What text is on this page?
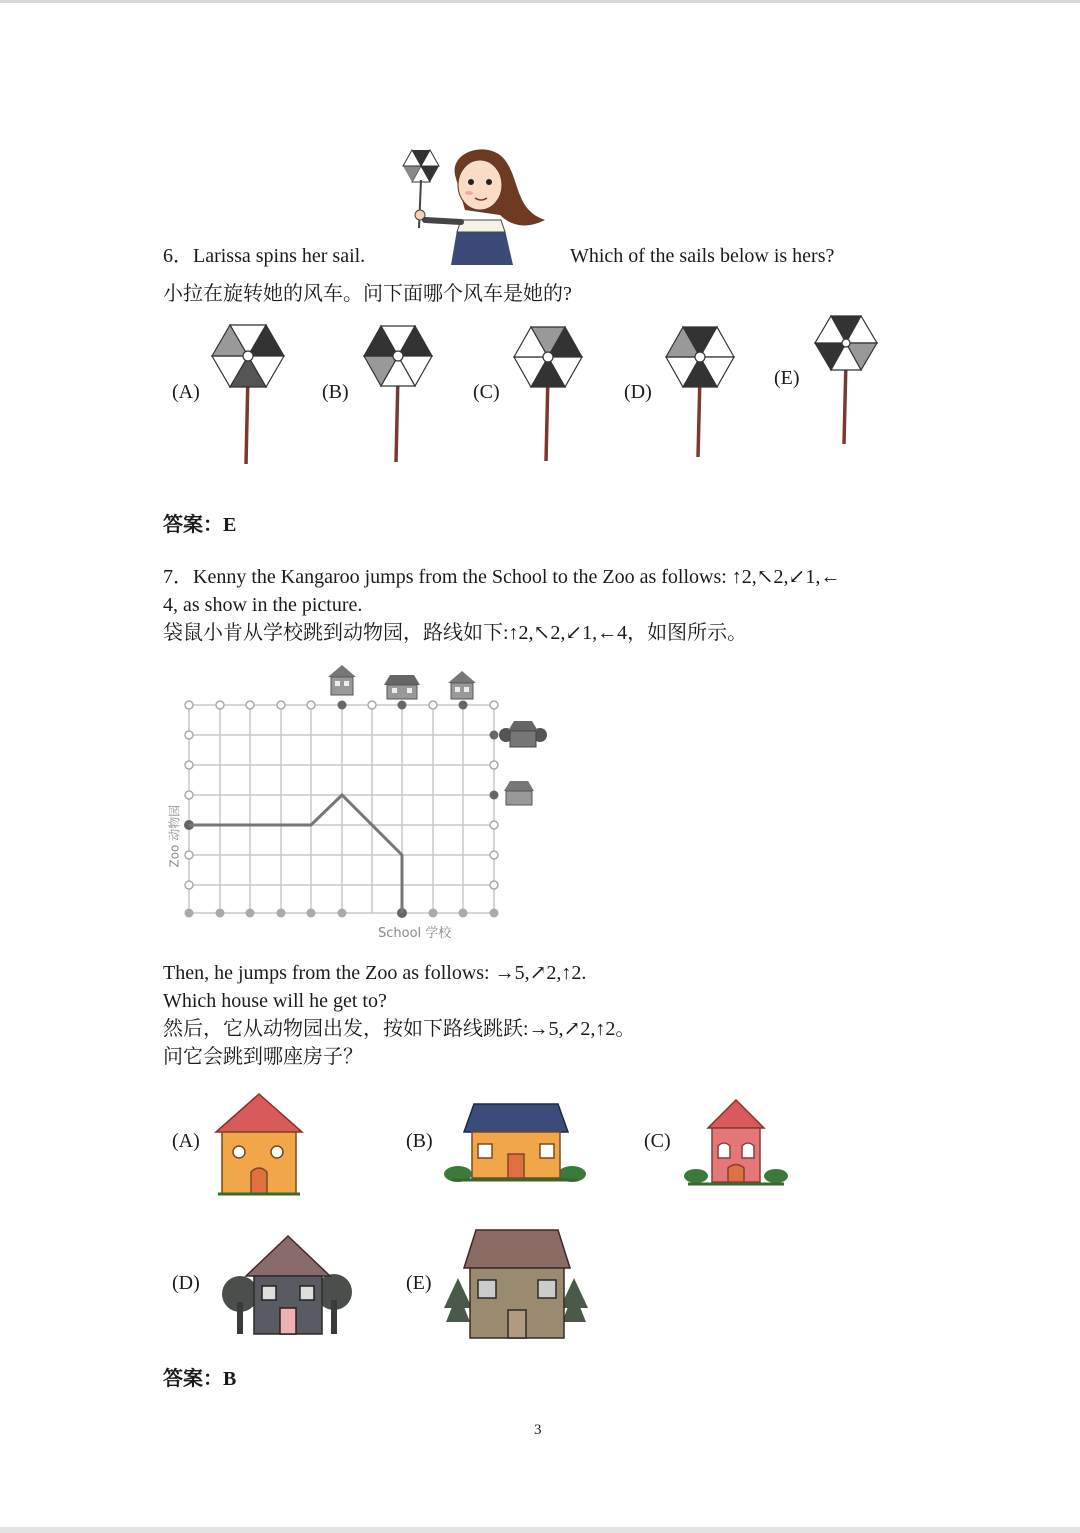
6．Larissa spins her sail.	Which of the sails below is hers?
小拉在旋转她的风车。问下面哪个风车是她的?
(A)	(B)	(C)	(D)
(E)
答案：E
7．Kenny the Kangaroo jumps from the School to the Zoo as follows: ↑2,↖2,↙1,←
4, as show in the picture.
袋鼠小肯从学校跳到动物园，路线如下:↑2,↖2,↙1,←4，如图所示。
Zoo 动物园
School 学校
Then, he jumps from the Zoo as follows: →5,↗2,↑2.
Which house will he get to?
然后，它从动物园出发，按如下路线跳跃:→5,↗2,↑2。
问它会跳到哪座房子？
(A)	(B)	(C)
(D)	(E)
答案：B
3
